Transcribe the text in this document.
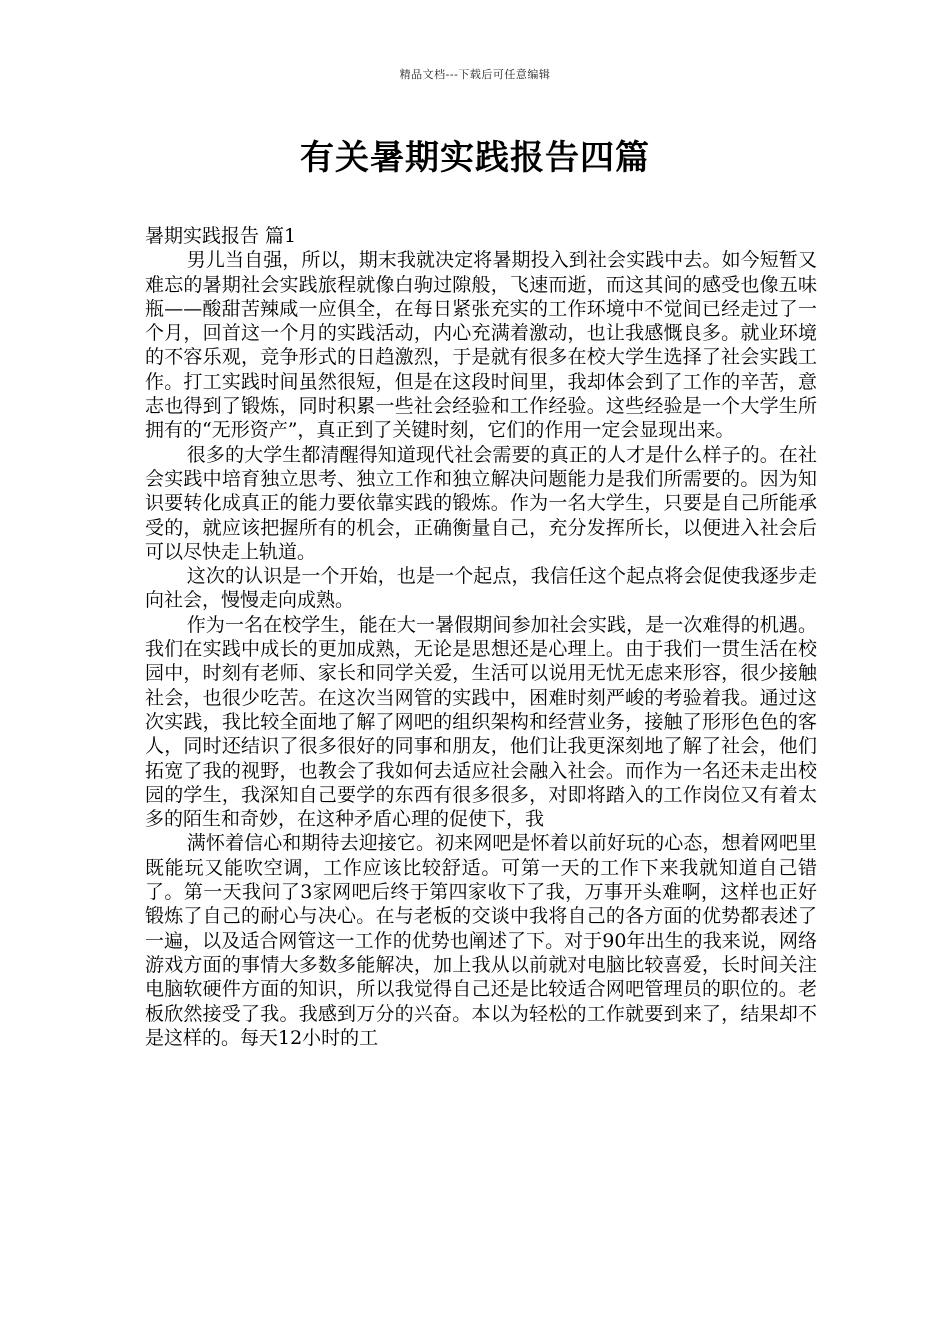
精品文档---下载后可任意编辑
有关暑期实践报告四篇

暑期实践报告 篇1

男儿当自强，所以，期末我就决定将暑期投入到社会实践中去。如今短暂又难忘的暑期社会实践旅程就像白驹过隙般，飞速而逝，而这其间的感受也像五味瓶——酸甜苦辣咸一应俱全，在每日紧张充实的工作环境中不觉间已经走过了一个月，回首这一个月的实践活动，内心充满着激动，也让我感慨良多。就业环境的不容乐观，竞争形式的日趋激烈，于是就有很多在校大学生选择了社会实践工作。打工实践时间虽然很短，但是在这段时间里，我却体会到了工作的辛苦，意志也得到了锻炼，同时积累一些社会经验和工作经验。这些经验是一个大学生所拥有的“无形资产”，真正到了关键时刻，它们的作用一定会显现出来。

很多的大学生都清醒得知道现代社会需要的真正的人才是什么样子的。在社会实践中培育独立思考、独立工作和独立解决问题能力是我们所需要的。因为知识要转化成真正的能力要依靠实践的锻炼。作为一名大学生，只要是自己所能承受的，就应该把握所有的机会，正确衡量自己，充分发挥所长，以便进入社会后可以尽快走上轨道。

这次的认识是一个开始，也是一个起点，我信任这个起点将会促使我逐步走向社会，慢慢走向成熟。

作为一名在校学生，能在大一暑假期间参加社会实践，是一次难得的机遇。我们在实践中成长的更加成熟，无论是思想还是心理上。由于我们一贯生活在校园中，时刻有老师、家长和同学关爱，生活可以说用无忧无虑来形容，很少接触社会，也很少吃苦。在这次当网管的实践中，困难时刻严峻的考验着我。通过这次实践，我比较全面地了解了网吧的组织架构和经营业务，接触了形形色色的客人，同时还结识了很多很好的同事和朋友，他们让我更深刻地了解了社会，他们拓宽了我的视野，也教会了我如何去适应社会融入社会。而作为一名还未走出校园的学生，我深知自己要学的东西有很多很多，对即将踏入的工作岗位又有着太多的陌生和奇妙，在这种矛盾心理的促使下，我

满怀着信心和期待去迎接它。初来网吧是怀着以前好玩的心态，想着网吧里既能玩又能吹空调，工作应该比较舒适。可第一天的工作下来我就知道自己错了。第一天我问了3家网吧后终于第四家收下了我，万事开头难啊，这样也正好锻炼了自己的耐心与决心。在与老板的交谈中我将自己的各方面的优势都表述了一遍，以及适合网管这一工作的优势也阐述了下。对于90年出生的我来说，网络游戏方面的事情大多数多能解决，加上我从以前就对电脑比较喜爱，长时间关注电脑软硬件方面的知识，所以我觉得自己还是比较适合网吧管理员的职位的。老板欣然接受了我。我感到万分的兴奋。本以为轻松的工作就要到来了，结果却不是这样的。每天12小时的工
